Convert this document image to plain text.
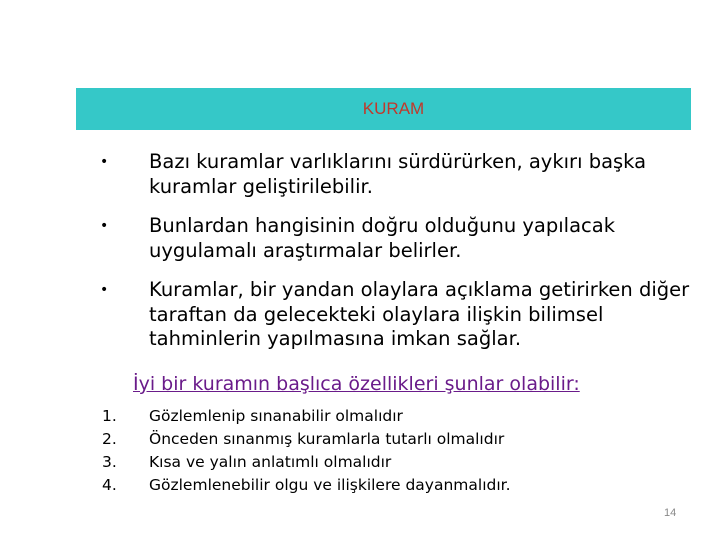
KURAM
• Bazı kuramlar varlıklarını sürdürürken, aykırı başka kuramlar geliştirilebilir.
• Bunlardan hangisinin doğru olduğunu yapılacak uygulamalı araştırmalar belirler.
• Kuramlar, bir yandan olaylara açıklama getirirken diğer taraftan da gelecekteki olaylara ilişkin bilimsel tahminlerin yapılmasına imkan sağlar.
İyi bir kuramın başlıca özellikleri şunlar olabilir:
1. Gözlemlenip sınanabilir olmalıdır
2. Önceden sınanmış kuramlarla tutarlı olmalıdır
3. Kısa ve yalın anlatımlı olmalıdır
4. Gözlemlenebilir olgu ve ilişkilere dayanmalıdır.
14
